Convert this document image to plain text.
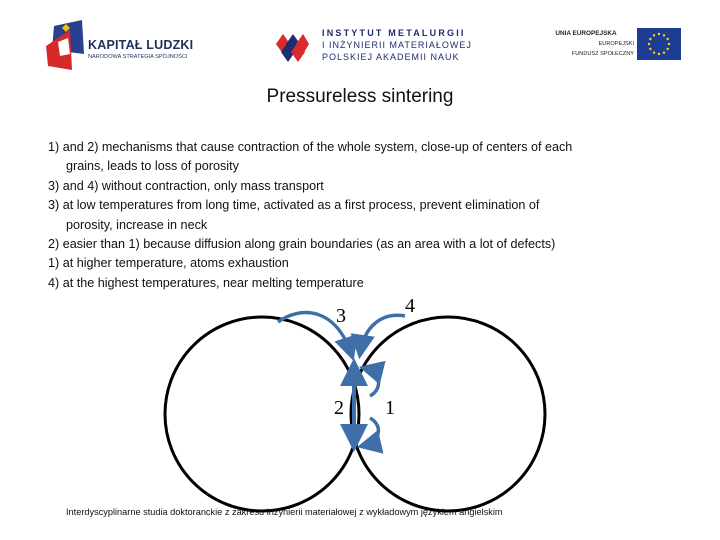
KAPITAŁ LUDZKI
NARODOWA STRATEGIA SPÓJNOŚCI
INSTYTUT METALURGII
I INŻYNIERII MATERIAŁOWEJ
POLSKIEJ AKADEMII NAUK
UNIA EUROPEJSKA
EUROPEJSKI
FUNDUSZ SPOŁECZNY
Pressureless sintering
1) and 2) mechanisms that cause contraction of the whole system, close-up of centers of each
grains, leads to loss of porosity
3) and 4) without contraction, only mass transport
3) at low temperatures from long time, activated as a first process, prevent elimination of
porosity, increase in neck
2) easier than 1) because diffusion along grain boundaries (as an area with a lot of defects)
1) at higher temperature, atoms exhaustion
4) at the highest temperatures, near melting temperature
3	4
2 1
Interdyscyplinarne studia doktoranckie z zakresu inżynierii materiałowej z wykładowym językiem angielskim
